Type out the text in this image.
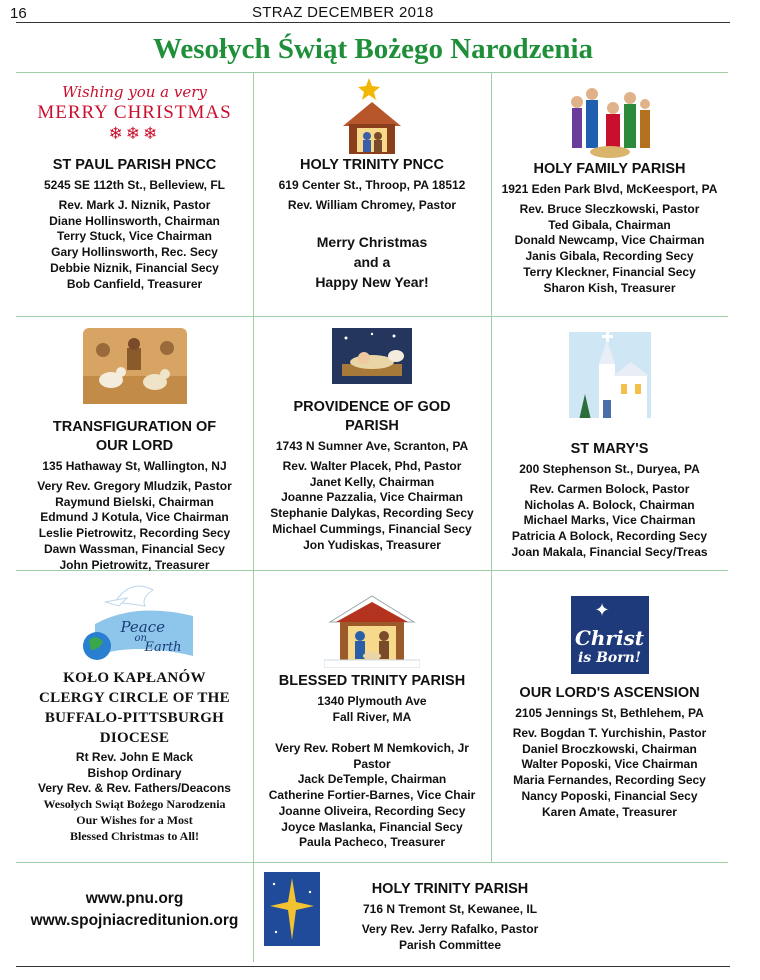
16	STRAZ DECEMBER 2018
Wesołych Świąt Bożego Narodzenia
Wishing you a very
MERRY CHRISTMAS
❄❄❄
ST PAUL PARISH PNCC
5245 SE 112th St., Belleview, FL
Rev. Mark J. Niznik, Pastor
Diane Hollinsworth, Chairman
Terry Stuck, Vice Chairman
Gary Hollinsworth, Rec. Secy
Debbie Niznik, Financial Secy
Bob Canfield, Treasurer
HOLY TRINITY PNCC
619 Center St., Throop, PA 18512
Rev. William Chromey, Pastor
Merry Christmas
and a
Happy New Year!
HOLY FAMILY PARISH
1921 Eden Park Blvd, McKeesport, PA
Rev. Bruce Sleczkowski, Pastor
Ted Gibala, Chairman
Donald Newcamp, Vice Chairman
Janis Gibala, Recording Secy
Terry Kleckner, Financial Secy
Sharon Kish, Treasurer
TRANSFIGURATION OF
OUR LORD
135 Hathaway St, Wallington, NJ
Very Rev. Gregory Mludzik, Pastor
Raymund Bielski, Chairman
Edmund J Kotula, Vice Chairman
Leslie Pietrowitz, Recording Secy
Dawn Wassman, Financial Secy
John Pietrowitz, Treasurer
PROVIDENCE OF GOD
PARISH
1743 N Sumner Ave, Scranton, PA
Rev. Walter Placek, Phd, Pastor
Janet Kelly, Chairman
Joanne Pazzalia, Vice Chairman
Stephanie Dalykas, Recording Secy
Michael Cummings, Financial Secy
Jon Yudiskas, Treasurer
ST MARY'S
200 Stephenson St., Duryea, PA
Rev. Carmen Bolock, Pastor
Nicholas A. Bolock, Chairman
Michael Marks, Vice Chairman
Patricia A Bolock, Recording Secy
Joan Makala, Financial Secy/Treas
Peace
on
Earth
KOŁO KAPŁANÓW
CLERGY CIRCLE OF THE
BUFFALO-PITTSBURGH
DIOCESE
Rt Rev. John E Mack
Bishop Ordinary
Very Rev. & Rev. Fathers/Deacons
Wesołych Swiąt Bożego Narodzenia
Our Wishes for a Most
Blessed Christmas to All!
BLESSED TRINITY PARISH
1340 Plymouth Ave
Fall River, MA
Very Rev. Robert M Nemkovich, Jr
Pastor
Jack DeTemple, Chairman
Catherine Fortier-Barnes, Vice Chair
Joanne Oliveira, Recording Secy
Joyce Maslanka, Financial Secy
Paula Pacheco, Treasurer
✦
Christ
is Born!
OUR LORD'S ASCENSION
2105 Jennings St, Bethlehem, PA
Rev. Bogdan T. Yurchishin, Pastor
Daniel Broczkowski, Chairman
Walter Poposki, Vice Chairman
Maria Fernandes, Recording Secy
Nancy Poposki, Financial Secy
Karen Amate, Treasurer
www.pnu.org
www.spojniacreditunion.org
HOLY TRINITY PARISH
716 N Tremont St, Kewanee, IL
Very Rev. Jerry Rafalko, Pastor
Parish Committee
